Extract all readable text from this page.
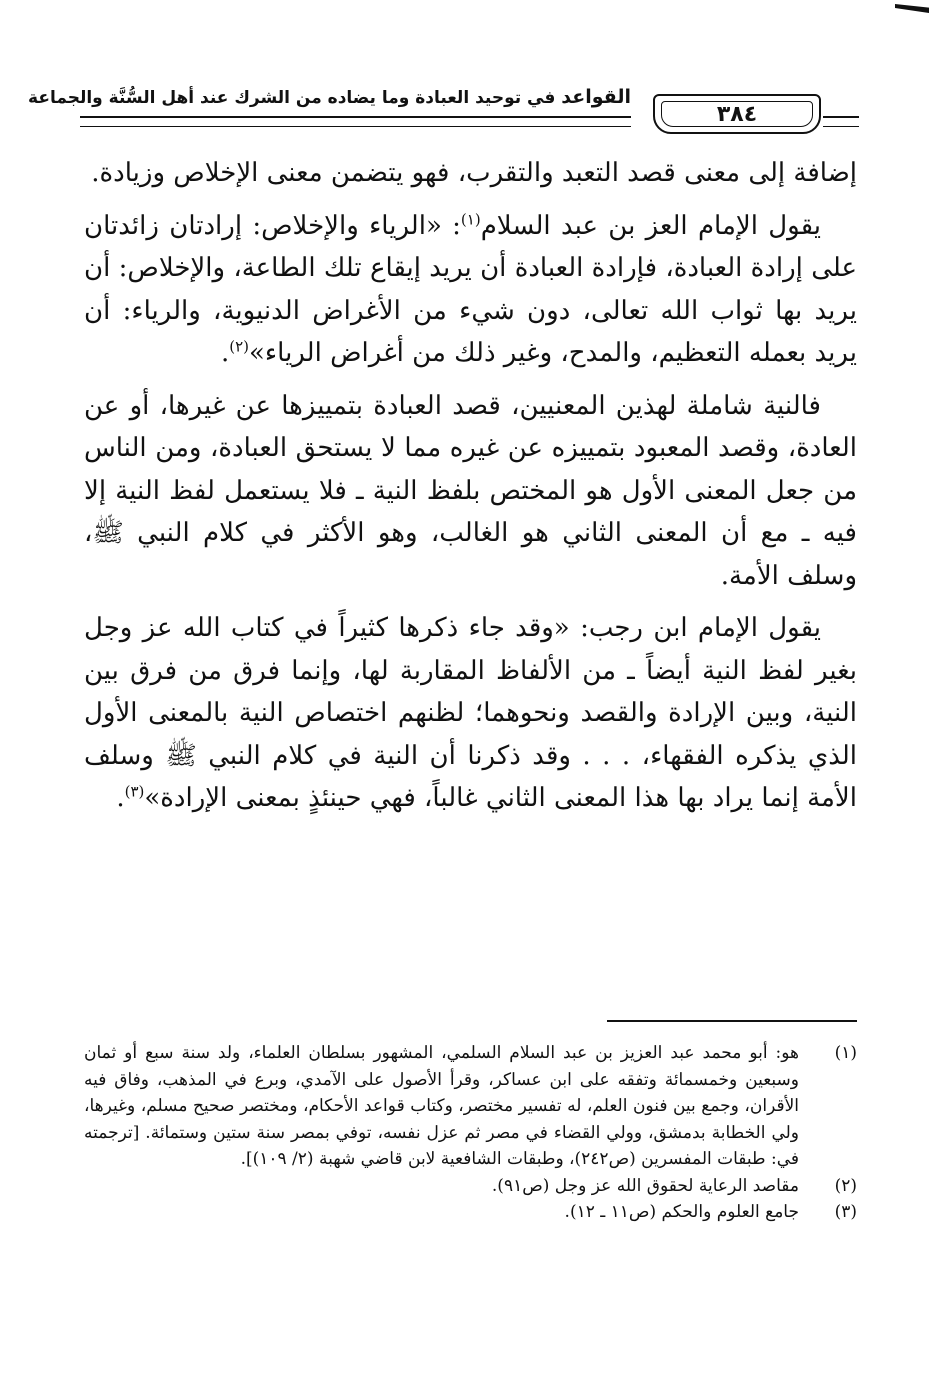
القواعد في توحيد العبادة وما يضاده من الشرك عند أهل السُّنَّة والجماعة
٣٨٤

إضافة إلى معنى قصد التعبد والتقرب، فهو يتضمن معنى الإخلاص وزيادة.

يقول الإمام العز بن عبد السلام$^{(١)}$: «الرياء والإخلاص: إرادتان زائدتان على إرادة العبادة، فإرادة العبادة أن يريد إيقاع تلك الطاعة، والإخلاص: أن يريد بها ثواب الله تعالى، دون شيء من الأغراض الدنيوية، والرياء: أن يريد بعمله التعظيم، والمدح، وغير ذلك من أغراض الرياء»$^{(٢)}$.

فالنية شاملة لهذين المعنيين، قصد العبادة بتمييزها عن غيرها، أو عن العادة، وقصد المعبود بتمييزه عن غيره مما لا يستحق العبادة، ومن الناس من جعل المعنى الأول هو المختص بلفظ النية ـ فلا يستعمل لفظ النية إلا فيه ـ مع أن المعنى الثاني هو الغالب، وهو الأكثر في كلام النبي ﷺ، وسلف الأمة.

يقول الإمام ابن رجب: «وقد جاء ذكرها كثيراً في كتاب الله عز وجل بغير لفظ النية أيضاً ـ من الألفاظ المقاربة لها، وإنما فرق من فرق بين النية، وبين الإرادة والقصد ونحوهما؛ لظنهم اختصاص النية بالمعنى الأول الذي يذكره الفقهاء، . . . وقد ذكرنا أن النية في كلام النبي ﷺ وسلف الأمة إنما يراد بها هذا المعنى الثاني غالباً، فهي حينئذٍ بمعنى الإرادة»$^{(٣)}$.

(١)
هو: أبو محمد عبد العزيز بن عبد السلام السلمي، المشهور بسلطان العلماء، ولد سنة سبع أو ثمان وسبعين وخمسمائة وتفقه على ابن عساكر، وقرأ الأصول على الآمدي، وبرع في المذهب، وفاق فيه الأقران، وجمع بين فنون العلم، له تفسير مختصر، وكتاب قواعد الأحكام، ومختصر صحيح مسلم، وغيرها، ولي الخطابة بدمشق، وولي القضاء في مصر ثم عزل نفسه، توفي بمصر سنة ستين وستمائة. [ترجمته في: طبقات المفسرين (ص٢٤٢)، وطبقات الشافعية لابن قاضي شهبة (٢/ ١٠٩)].
(٢)
مقاصد الرعاية لحقوق الله عز وجل (ص٩١).
(٣)
جامع العلوم والحكم (ص١١ ـ ١٢).
